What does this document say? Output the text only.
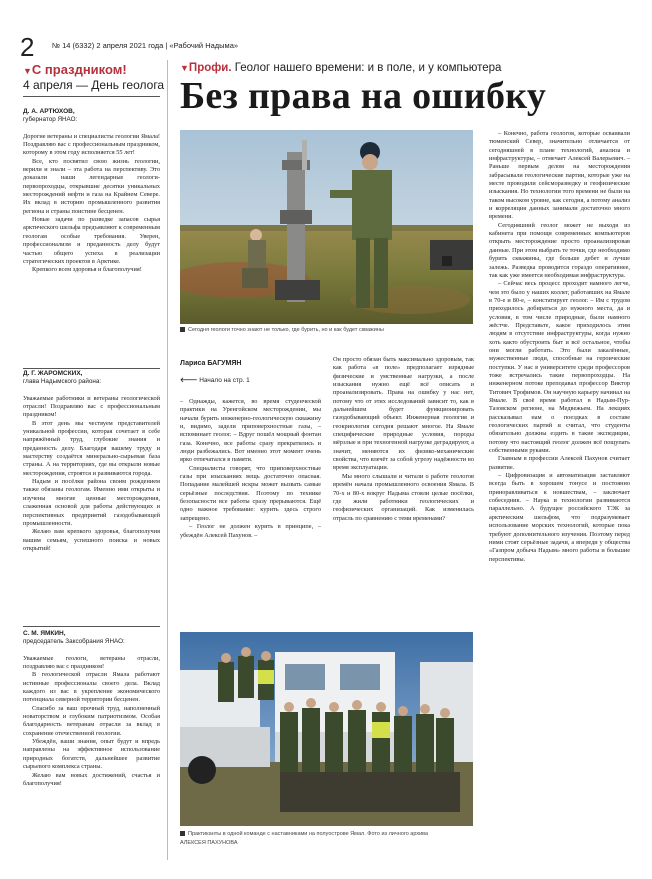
2 № 14 (6332) 2 апреля 2021 года | «Рабочий Надыма»
▼С праздником!
4 апреля — День геолога
Д. А. АРТЮХОВ,
губернатор ЯНАО:

Дорогие ветераны и специалисты геологии Ямала! Поздравляю вас с профессиональным праздником, которому в этом году исполняется 55 лет!

Все, кто посвятил свою жизнь геологии, верили и знали – эта работа на перспективу. Это доказали наши легендарные геологи-первопроходцы, открывшие десятки уникальных месторождений нефти и газа на Крайнем Севере. Их вклад в историю промышленного развития региона и страны поистине бесценен.

Новые задачи по разведке запасов сырья арктического шельфа предъявляют к современным геологам особые требования. Уверен, профессионализм и преданность делу будут частью общего успеха в реализации стратегических проектов в Арктике.

Крепкого всем здоровья и благополучия!

Д. Г. ЖАРОМСКИХ,
глава Надымского района:

Уважаемые работники и ветераны геологической отрасли! Поздравляю вас с профессиональным праздником!

В этот день мы чествуем представителей уникальной профессии, которая сочетает в себе напряжённый труд, глубокие знания и преданность делу. Благодаря вашему труду и мастерству создаётся минерально-сырьевая база страны. А на территориях, где вы открыли новые месторождения, строятся и развиваются города.

Надым и посёлки района своим рождением также обязаны геологам. Именно ими открыты и изучены многие ценные месторождения, слаженная основой для работы действующих и перспективных предприятий газодобывающей промышленности.

Желаю вам крепкого здоровья, благополучия вашим семьям, успешного поиска и новых открытий!

С. М. ЯМКИН,
председатель Заксобрания ЯНАО:

Уважаемые геологи, ветераны отрасли, поздравляю вас с праздником!

В геологической отрасли Ямала работают истинные профессионалы своего дела. Вклад каждого из вас в укрепление экономического потенциала северной территории бесценен.

Спасибо за ваш прочный труд, наполненный новаторством и глубоким патриотизмом. Особая благодарность ветеранам отрасли за вклад в сохранение отечественной геологии.

Убеждён, ваши знания, опыт будут и впредь направлены на эффективное использование природных богатств, дальнейшее развитие сырьевого комплекса страны.

Желаю вам новых достижений, счастья и благополучия!

▼Профи. Геолог нашего времени: и в поле, и у компьютера
Без права на ошибку
Сегодня геологи точно знают не только, где бурить, но и как будет скважины
Лариса БАГУМЯН
🡐 Начало на стр. 1

– Однажды, кажется, во время студенческой практики на Уренгойском месторождении, мы начали бурить инженерно-геологическую скважину и, видимо, задели приповерхностные газы, – вспоминает геолог. – Вдруг пошёл мощный фонтан газа. Конечно, все работы сразу прекратились и люди разбежались. Вот именно этот момент очень ярко отпечатался в памяти.

Специалисты говорят, что приповерхностные газы при изысканиях вещь достаточно опасная. Попадание малейшей искры может вызвать самые серьёзные последствия. Поэтому по технике безопасности все работы сразу прерываются. Ещё одно важное требование: курить здесь строго запрещено.

– Геолог не должен курить в принципе, – убеждён Алексей Пахунов. –

Он просто обязан быть максимально здоровым, так как работа «в поле» предполагает изрядные физические и умственные нагрузки, а после изыскания нужно ещё всё описать и проанализировать. Права на ошибку у нас нет, потому что от этих исследований зависит то, как в дальнейшем будет функционировать газодобывающий объект. Инженерная геология и геокриология сегодня решают многое. На Ямале специфические природные условия, породы мёрзлые и при техногенной нагрузке деградируют, а значит, меняются их физико-механические свойства, что влечёт за собой угрозу надёжности во время эксплуатации.

Мы много слышали и читали о работе геологов времён начала промышленного освоения Ямала. В 70-х и 80-х вокруг Надыма стояли целые посёлки, где жили работники геологических и геофизических организаций. Как изменилась отрасль по сравнению с теми временами?

Практиканты в одной команде с наставниками на полуострове Ямал. Фото из личного архива
АЛЕКСЕЯ ПАХУНОВА

– Конечно, работа геологов, которые осваивали тюменский Север, значительно отличается от сегодняшней в плане технологий, анализа и инфраструктуры, – отмечает Алексей Валерьевич. – Раньше первым делом на месторождения забрасывали геологические партии, которые уже на месте проводили сейсморазведку и геофизические изыскания. Но технологии того времени не были на таком высоком уровне, как сегодня, а потому анализ и корреляция данных занимали достаточно много времени.

Сегодняшний геолог может не выходя из кабинета при помощи современных компьютеров открыть месторождение просто проанализировав данные. При этом выбрать те точки, где необходимо бурить скважины, где больше дебет и лучше залежь. Разведка проводится гораздо оперативнее, так как уже имеется необходимая инфраструктура.

– Сейчас весь процесс проходит намного легче, чем это было у наших коллег, работавших на Ямале в 70-е и 80-е, – констатирует геолог. – Им с трудом приходилось добираться до нужного места, да и условия, в том числе природные, были намного жёстче. Представьте, какое приходилось этим людям в отсутствие инфраструктуры, когда нужно хоть както обустроить быт и всё остальное, чтобы они могли работать. Это были закалённые, мужественные люди, способные на героические поступки. У нас в университете среди профессоров тоже встречались такие первопроходцы. На инженерном потоке преподавал профессор Виктор Титович Трофимов. Он научную карьеру начинал на Ямале. В своё время работал в Надым-Пур-Тазовском регионе, на Медвежьем. На лекциях рассказывал нам о поездках в составе геологических партий и считал, что студенты обязательно должны ездить в такие экспедиции, потому что настоящий геолог должен всё пощупать собственными руками.

Главным в профессии Алексей Пахунов считает развитие.

– Цифровизация и автоматизация заставляют всегда быть в хорошем тонусе и постоянно приноравливаться к новшествам, – заключает собеседник. – Наука и технологии развиваются параллельно. А будущее российского ТЭК за арктическим шельфом, что подразумевает использование морских технологий, которые пока требуют дополнительного изучения. Поэтому перед ними стоят серьёзные задачи, а впереди у общества «Газпром добыча Надым» много работы и большие перспективы.
